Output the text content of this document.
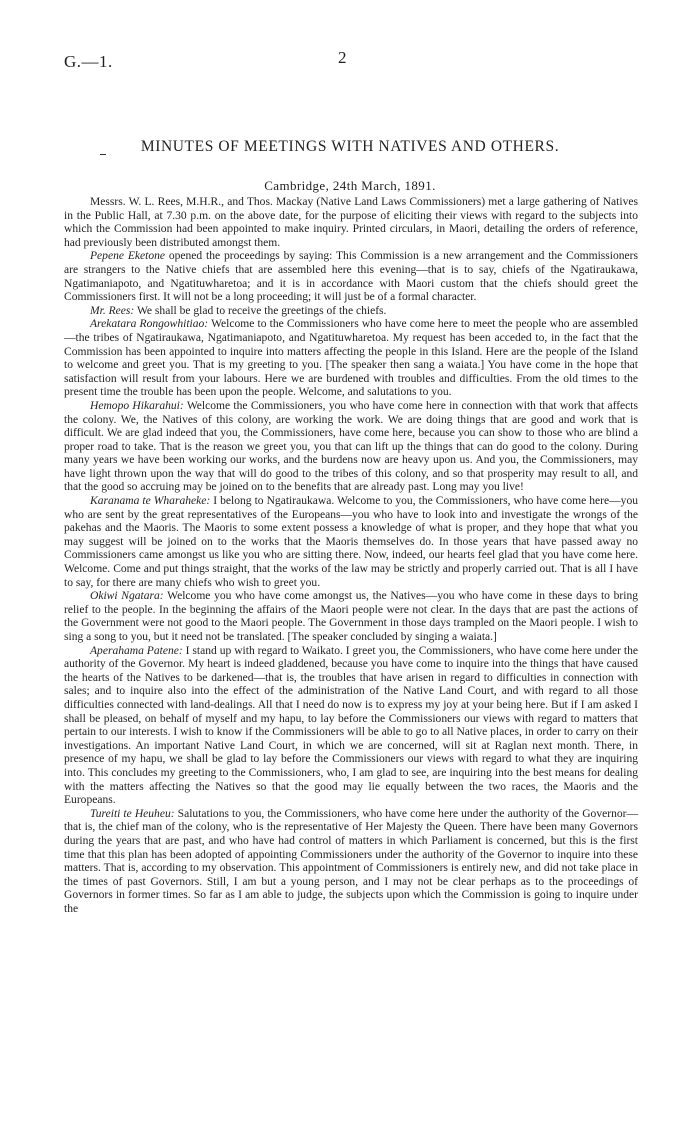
G.—1.	2
MINUTES OF MEETINGS WITH NATIVES AND OTHERS.
Cambridge, 24th March, 1891.

Messrs. W. L. Rees, M.H.R., and Thos. Mackay (Native Land Laws Commissioners) met a large gathering of Natives in the Public Hall, at 7.30 p.m. on the above date, for the purpose of eliciting their views with regard to the subjects into which the Commission had been appointed to make inquiry. Printed circulars, in Maori, detailing the orders of reference, had previously been distributed amongst them.

Pepene Eketone opened the proceedings by saying: This Commission is a new arrangement and the Commissioners are strangers to the Native chiefs that are assembled here this evening—that is to say, chiefs of the Ngatiraukawa, Ngatimaniapoto, and Ngatituwharetoa; and it is in accordance with Maori custom that the chiefs should greet the Commissioners first. It will not be a long proceeding; it will just be of a formal character.

Mr. Rees: We shall be glad to receive the greetings of the chiefs.

Arekatara Rongowhitiao: Welcome to the Commissioners who have come here to meet the people who are assembled—the tribes of Ngatiraukawa, Ngatimaniapoto, and Ngatituwharetoa. My request has been acceded to, in the fact that the Commission has been appointed to inquire into matters affecting the people in this Island. Here are the people of the Island to welcome and greet you. That is my greeting to you. [The speaker then sang a waiata.] You have come in the hope that satisfaction will result from your labours. Here we are burdened with troubles and difficulties. From the old times to the present time the trouble has been upon the people. Welcome, and salutations to you.

Hemopo Hikarahui: Welcome the Commissioners, you who have come here in connection with that work that affects the colony. We, the Natives of this colony, are working the work. We are doing things that are good and work that is difficult. We are glad indeed that you, the Commissioners, have come here, because you can show to those who are blind a proper road to take. That is the reason we greet you, you that can lift up the things that can do good to the colony. During many years we have been working our works, and the burdens now are heavy upon us. And you, the Commissioners, may have light thrown upon the way that will do good to the tribes of this colony, and so that prosperity may result to all, and that the good so accruing may be joined on to the benefits that are already past. Long may you live!

Karanama te Wharaheke: I belong to Ngatiraukawa. Welcome to you, the Commissioners, who have come here—you who are sent by the great representatives of the Europeans—you who have to look into and investigate the wrongs of the pakehas and the Maoris. The Maoris to some extent possess a knowledge of what is proper, and they hope that what you may suggest will be joined on to the works that the Maoris themselves do. In those years that have passed away no Commissioners came amongst us like you who are sitting there. Now, indeed, our hearts feel glad that you have come here. Welcome. Come and put things straight, that the works of the law may be strictly and properly carried out. That is all I have to say, for there are many chiefs who wish to greet you.

Okiwi Ngatara: Welcome you who have come amongst us, the Natives—you who have come in these days to bring relief to the people. In the beginning the affairs of the Maori people were not clear. In the days that are past the actions of the Government were not good to the Maori people. The Government in those days trampled on the Maori people. I wish to sing a song to you, but it need not be translated. [The speaker concluded by singing a waiata.]

Aperahama Patene: I stand up with regard to Waikato. I greet you, the Commissioners, who have come here under the authority of the Governor. My heart is indeed gladdened, because you have come to inquire into the things that have caused the hearts of the Natives to be darkened—that is, the troubles that have arisen in regard to difficulties in connection with sales; and to inquire also into the effect of the administration of the Native Land Court, and with regard to all those difficulties connected with land-dealings. All that I need do now is to express my joy at your being here. But if I am asked I shall be pleased, on behalf of myself and my hapu, to lay before the Commissioners our views with regard to matters that pertain to our interests. I wish to know if the Commissioners will be able to go to all Native places, in order to carry on their investigations. An important Native Land Court, in which we are concerned, will sit at Raglan next month. There, in presence of my hapu, we shall be glad to lay before the Commissioners our views with regard to what they are inquiring into. This concludes my greeting to the Commissioners, who, I am glad to see, are inquiring into the best means for dealing with the matters affecting the Natives so that the good may lie equally between the two races, the Maoris and the Europeans.

Tureiti te Heuheu: Salutations to you, the Commissioners, who have come here under the authority of the Governor—that is, the chief man of the colony, who is the representative of Her Majesty the Queen. There have been many Governors during the years that are past, and who have had control of matters in which Parliament is concerned, but this is the first time that this plan has been adopted of appointing Commissioners under the authority of the Governor to inquire into these matters. That is, according to my observation. This appointment of Commissioners is entirely new, and did not take place in the times of past Governors. Still, I am but a young person, and I may not be clear perhaps as to the proceedings of Governors in former times. So far as I am able to judge, the subjects upon which the Commission is going to inquire under the
